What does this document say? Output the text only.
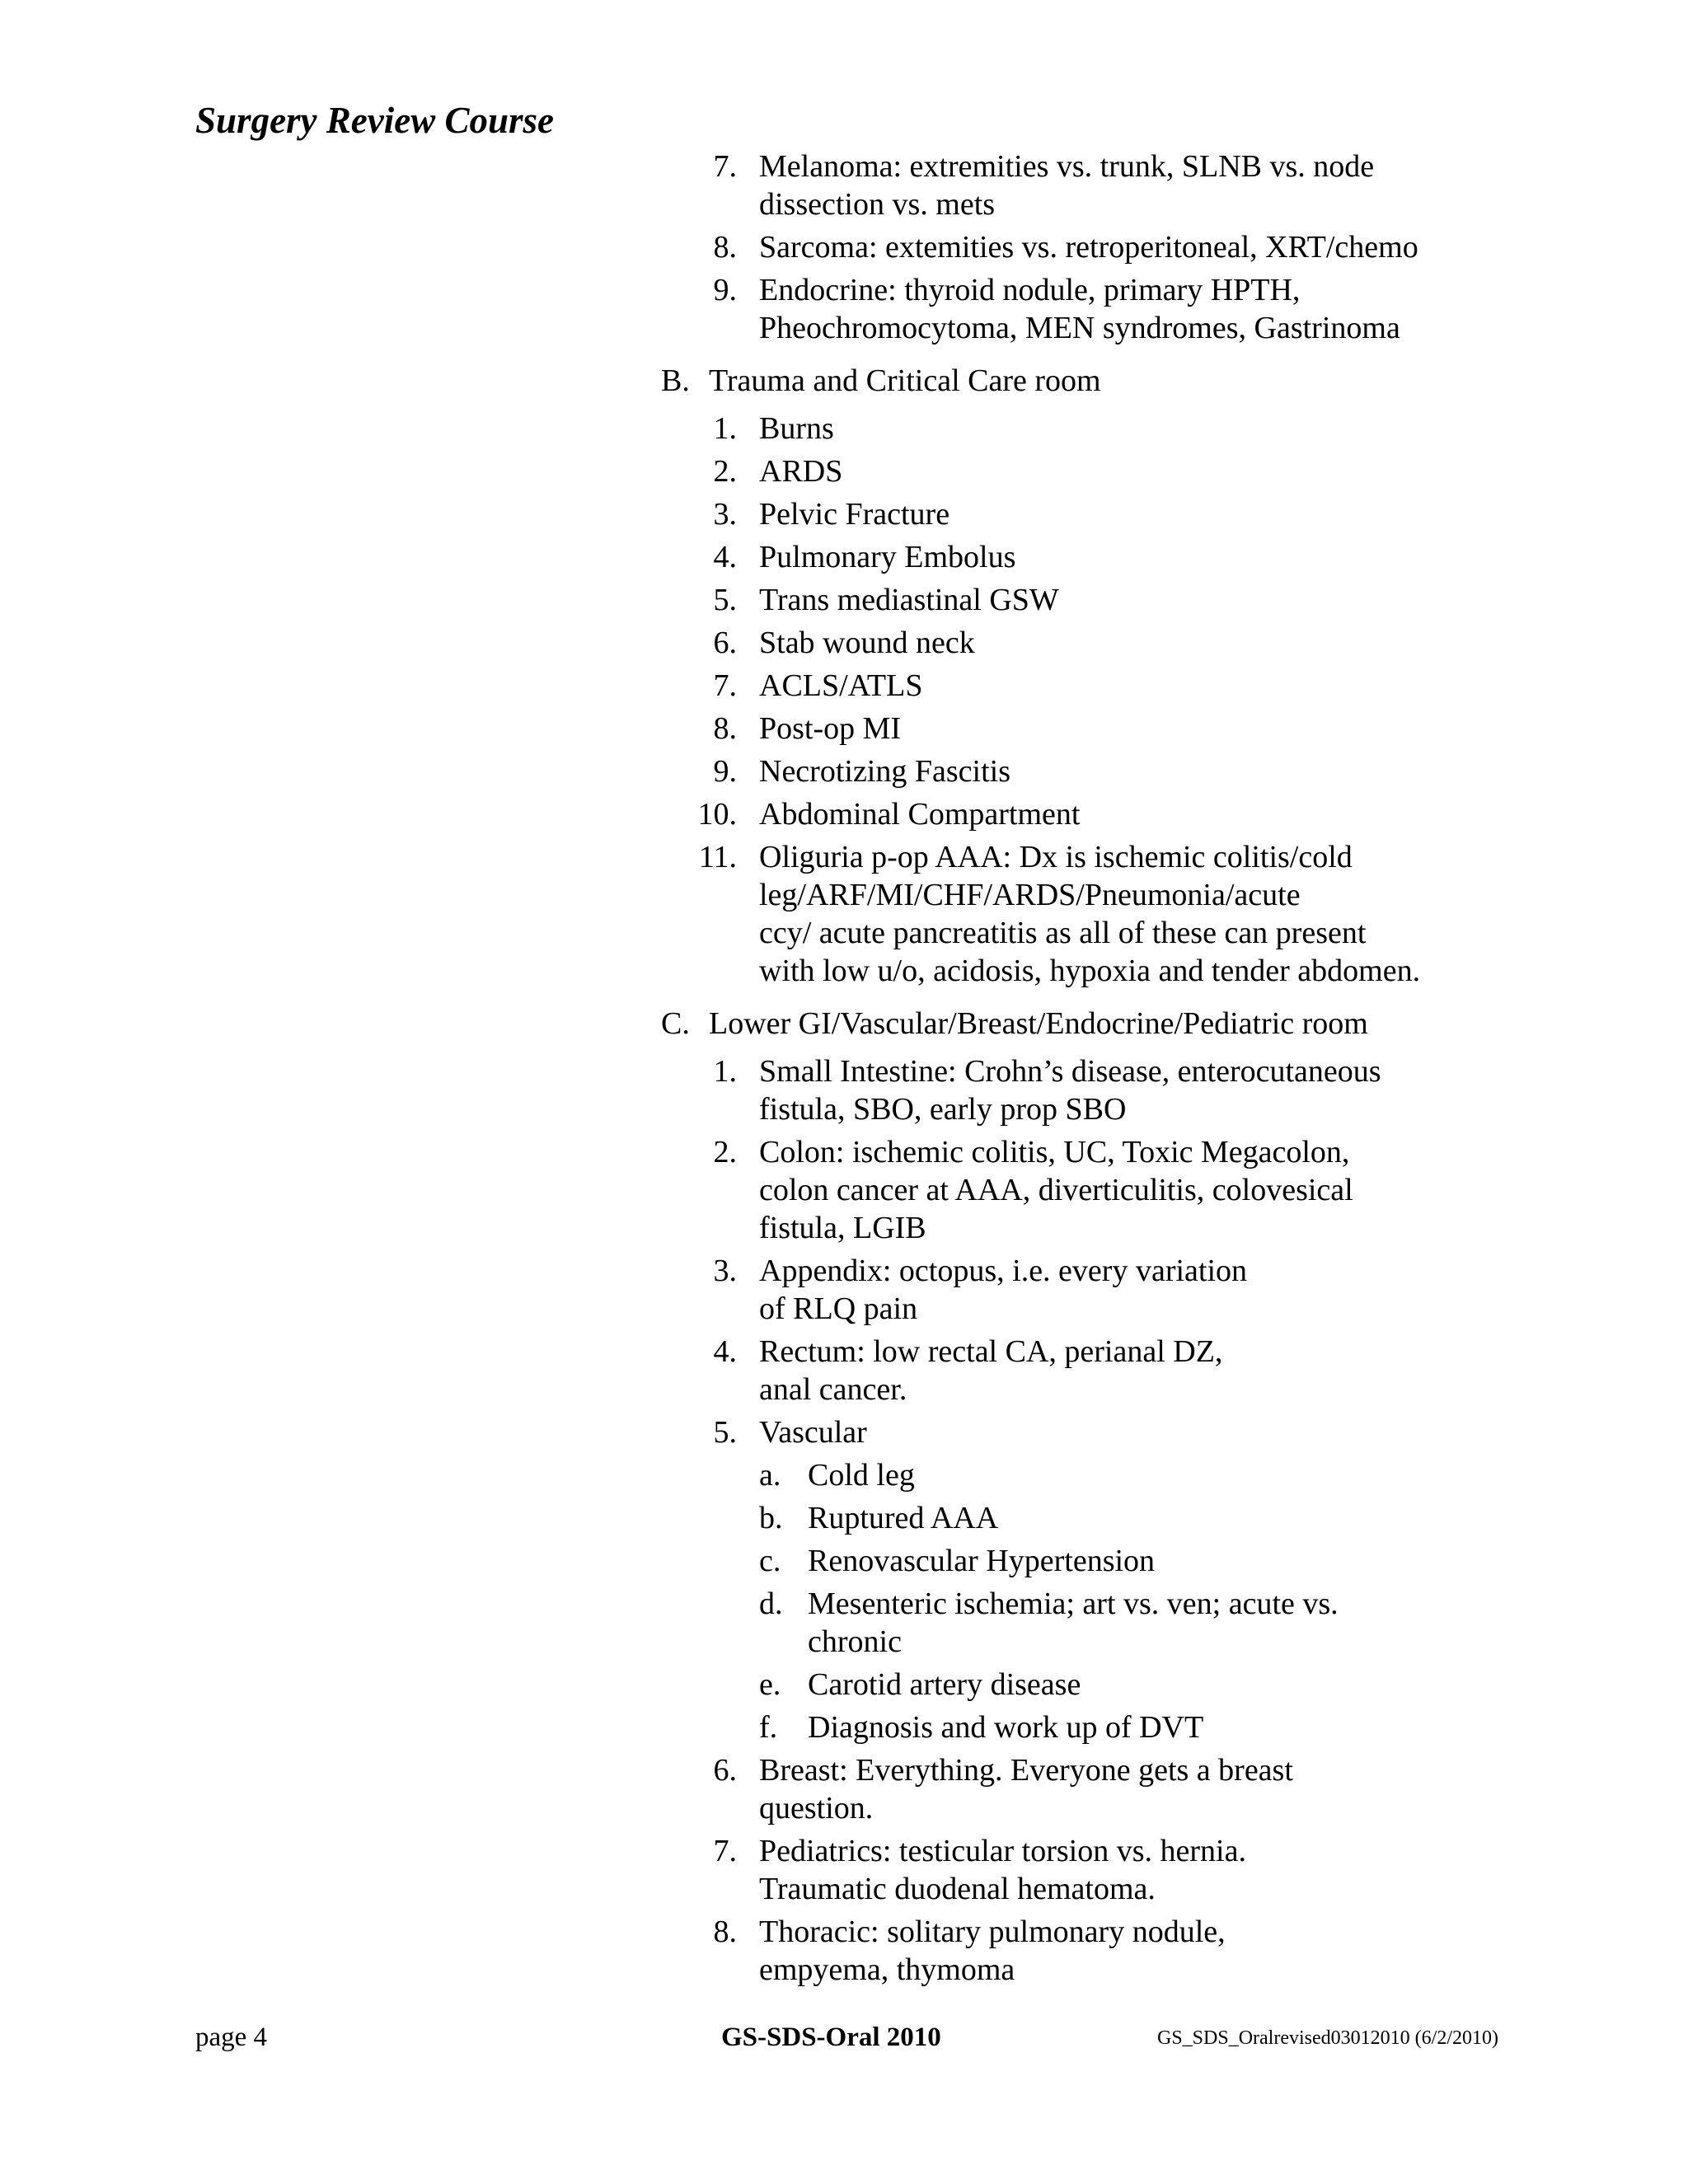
Surgery Review Course
7. Melanoma: extremities vs. trunk, SLNB vs. node
dissection vs. mets
8. Sarcoma: extemities vs. retroperitoneal, XRT/chemo
9. Endocrine: thyroid nodule, primary HPTH,
Pheochromocytoma, MEN syndromes, Gastrinoma
B. Trauma and Critical Care room
1. Burns
2. ARDS
3. Pelvic Fracture
4. Pulmonary Embolus
5. Trans mediastinal GSW
6. Stab wound neck
7. ACLS/ATLS
8. Post-op MI
9. Necrotizing Fascitis
10. Abdominal Compartment
11. Oliguria p-op AAA: Dx is ischemic colitis/cold
leg/ARF/MI/CHF/ARDS/Pneumonia/acute
ccy/ acute pancreatitis as all of these can present
with low u/o, acidosis, hypoxia and tender abdomen.
C. Lower GI/Vascular/Breast/Endocrine/Pediatric room
1. Small Intestine: Crohn’s disease, enterocutaneous
fistula, SBO, early prop SBO
2. Colon: ischemic colitis, UC, Toxic Megacolon,
colon cancer at AAA, diverticulitis, colovesical
fistula, LGIB
3. Appendix: octopus, i.e. every variation
of RLQ pain
4. Rectum: low rectal CA, perianal DZ,
anal cancer.
5. Vascular
a. Cold leg
b. Ruptured AAA
c. Renovascular Hypertension
d. Mesenteric ischemia; art vs. ven; acute vs.
chronic
e. Carotid artery disease
f. Diagnosis and work up of DVT
6. Breast: Everything. Everyone gets a breast
question.
7. Pediatrics: testicular torsion vs. hernia.
Traumatic duodenal hematoma.
8. Thoracic: solitary pulmonary nodule,
empyema, thymoma
page 4	GS-SDS-Oral 2010	GS_SDS_Oralrevised03012010 (6/2/2010)
